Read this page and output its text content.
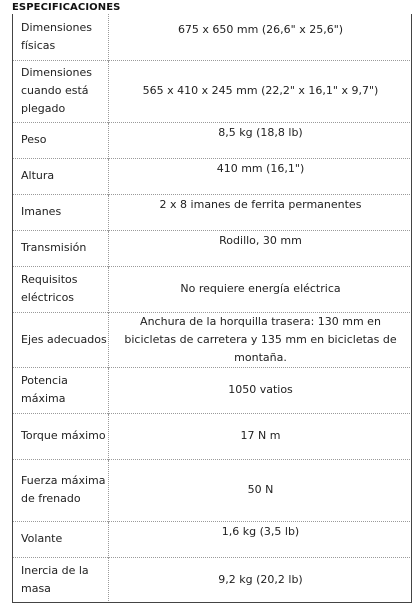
ESPECIFICACIONES
Dimensiones físicas	675 x 650 mm (26,6" x 25,6")
Dimensiones cuando está plegado	565 x 410 x 245 mm (22,2" x 16,1" x 9,7")
Peso	8,5 kg (18,8 lb)
Altura	410 mm (16,1")
Imanes	2 x 8 imanes de ferrita permanentes
Transmisión	Rodillo, 30 mm
Requisitos eléctricos	No requiere energía eléctrica
Ejes adecuados	Anchura de la horquilla trasera: 130 mm en bicicletas de carretera y 135 mm en bicicletas de montaña.
Potencia máxima	1050 vatios
Torque máximo	17 N m
Fuerza máxima de frenado	50 N
Volante	1,6 kg (3,5 lb)
Inercia de la masa	9,2 kg (20,2 lb)
